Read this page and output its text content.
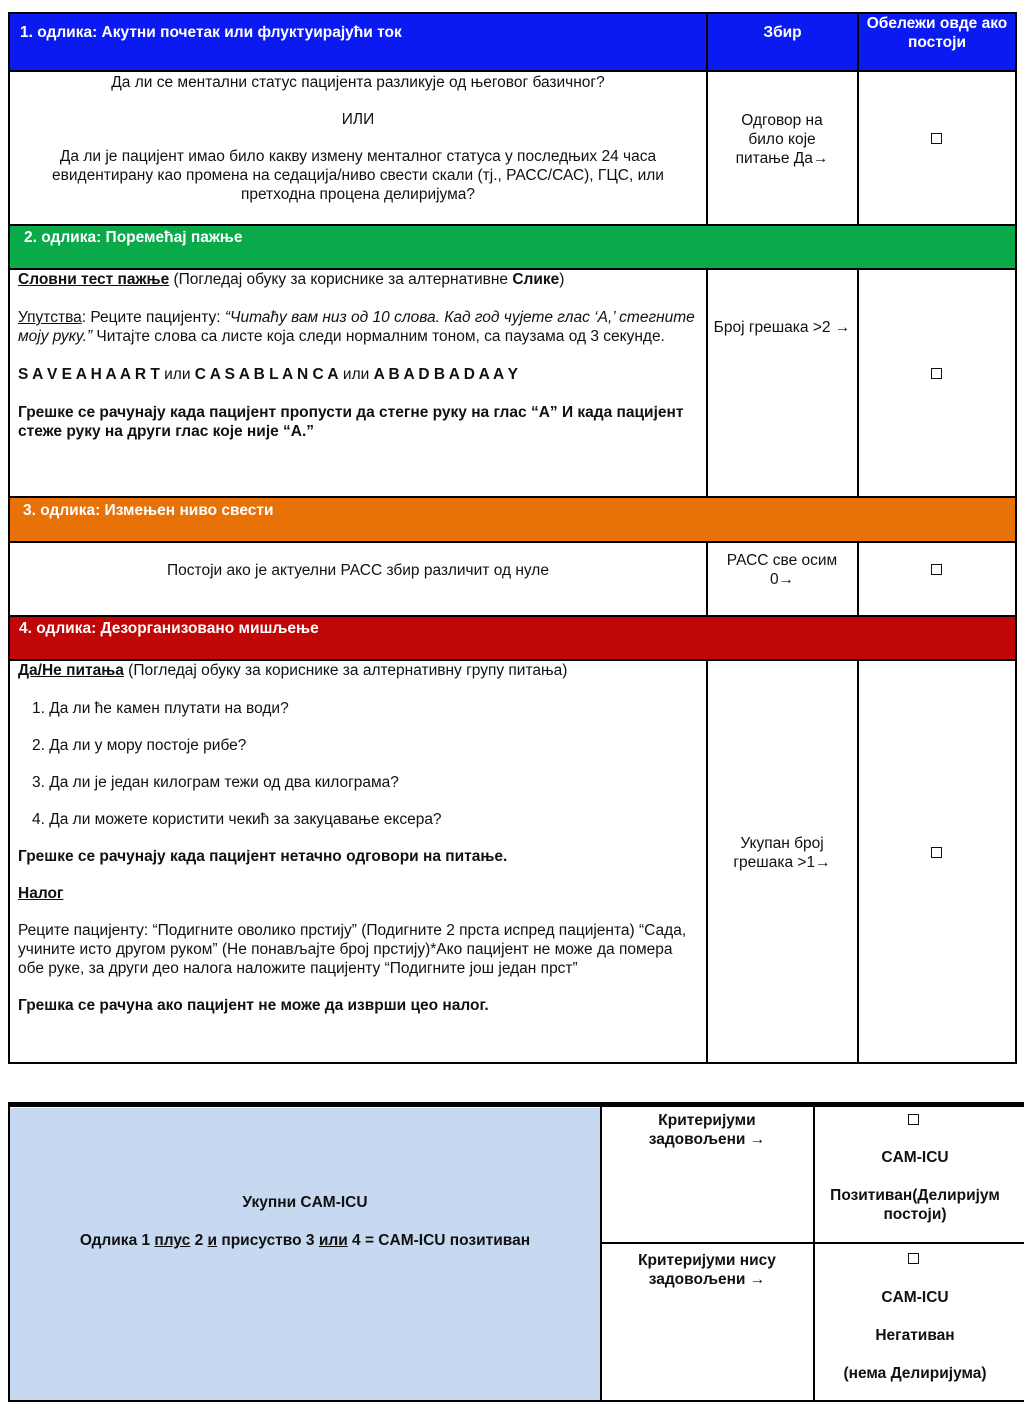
1. одлика: Акутни почетак или флуктуирајући ток	Збир
Обележи овде ако постоји

Да ли се ментални статус пацијента разликује од његовог базичног?

ИЛИ

Да ли је пацијент имао било какву измену менталног статуса у последњих 24 часа евидентирану као промена на седација/ниво свести скали (тј., РАСС/САС), ГЦС, или претходна процена делиријума?

Одговор на било које питање Да→
2. одлика: Поремећај пажње

Словни тест пажње (Погледај обуку за кориснике за алтернативне Слике)

Упутства: Реците пацијенту: “Читаћу вам низ од 10 слова. Кад год чујете глас ‘А,’ стегните моју руку.” Читајте слова са листе која следи нормалним тоном, са паузама од 3 секунде.

S A V E A H A A R T или C A S A B L A N C A или A B A D B A D A A Y

Грешке се рачунају када пацијент пропусти да стегне руку на глас “А” И када пацијент стеже руку на други глас које није “А.”

Број грешака >2 →
3. одлика: Измењен ниво свести
Постоји ако је актуелни РАСС збир различит од нуле
РАСС све осим 0→
4. одлика: Дезорганизовано мишљење

Да/Не питања (Погледај обуку за кориснике за алтернативну групу питања)

1. Да ли ће камен плутати на води?

2. Да ли у мору постоје рибе?

3. Да ли је један килограм тежи од два килограма?

4. Да ли можете користити чекић за закуцавање ексера?

Грешке се рачунају када пацијент нетачно одговори на питање.

Налог

Реците пацијенту: “Подигните оволико прстију” (Подигните 2 прста испред пацијента) “Сада, учините исто другом руком” (Не понављајте број прстију)*Ако пацијент не може да помера обе руке, за други део налога наложите пацијенту “Подигните још један прст”

Грешка се рачуна ако пацијент не може да изврши цео налог.

Укупан број грешака >1→
Укупни CAM-ICU
Одлика 1 плус 2 и присуство 3 или 4 = CAM-ICU позитиван
Критеријуми задовољени →
Критеријуми нису задовољени →
CAM-ICU
Позитиван(Делиријум постоји)
CAM-ICU
Негативан
(нема Делиријума)
